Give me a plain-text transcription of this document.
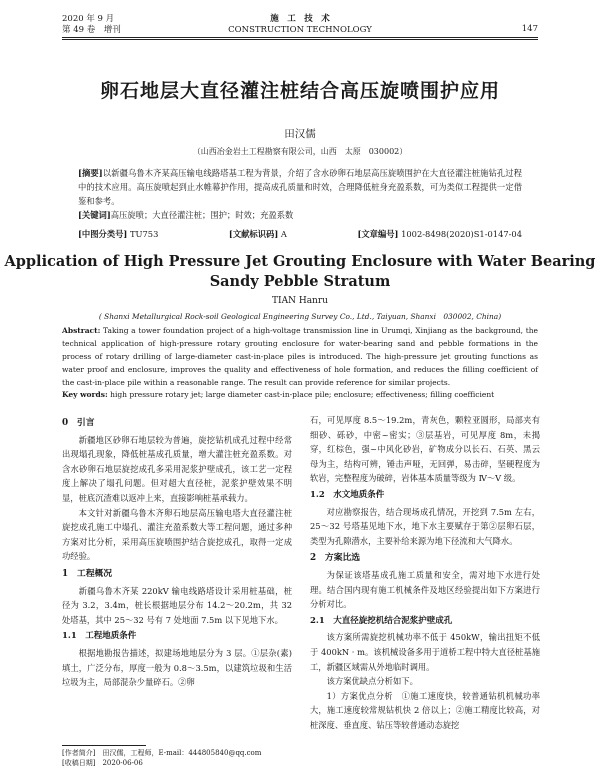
2020 年 9 月
第 49 卷　增刊
施　工　技　术
CONSTRUCTION TECHNOLOGY	147
卵石地层大直径灌注桩结合高压旋喷围护应用
田汉儒
（山西冶金岩土工程勘察有限公司，山西　太原　030002）
[摘要]以新疆乌鲁木齐某高压输电线路塔基工程为背景，介绍了含水砂卵石地层高压旋喷围护在大直径灌注桩施钻孔过程中的技术应用。高压旋喷起到止水帷幕护作用，提高成孔质量和时效，合理降低桩身充盈系数，可为类似工程提供一定借鉴和参考。
[关键词]高压旋喷；大直径灌注桩；围护；时效；充盈系数
[中图分类号] TU753	[文献标识码] A	[文章编号] 1002-8498(2020)S1-0147-04
Application of High Pressure Jet Grouting Enclosure with Water Bearing Sandy Pebble Stratum
TIAN Hanru
( Shanxi Metallurgical Rock-soil Geological Engineering Survey Co., Ltd., Taiyuan, Shanxi　030002, China)
Abstract: Taking a tower foundation project of a high-voltage transmission line in Urumqi, Xinjiang as the background, the technical application of high-pressure rotary grouting enclosure for water-bearing sand and pebble formations in the process of rotary drilling of large-diameter cast-in-place piles is introduced. The high-pressure jet grouting functions as water proof and enclosure, improves the quality and effectiveness of hole formation, and reduces the filling coefficient of the cast-in-place pile within a reasonable range. The result can provide reference for similar projects.
Key words: high pressure rotary jet; large diameter cast-in-place pile; enclosure; effectiveness; filling coefficient
0　引言

新疆地区砂卵石地层较为普遍，旋挖钻机成孔过程中经常出现塌孔现象，降低桩基成孔质量，增大灌注桩充盈系数。对含水砂卵石地层旋挖成孔多采用泥浆护壁成孔，该工艺一定程度上解决了塌孔问题。但对超大直径桩，泥浆护壁效果不明显，桩底沉渣难以返冲上来，直接影响桩基承载力。

本文针对新疆乌鲁木齐卵石地层高压输电塔大直径灌注桩旋挖成孔施工中塌孔、灌注充盈系数大等工程问题，通过多种方案对比分析，采用高压旋喷围护结合旋挖成孔，取得一定成功经验。

1　工程概况

新疆乌鲁木齐某 220kV 输电线路塔设计采用桩基础，桩径为 3.2，3.4m，桩长根据地层分布 14.2～20.2m，共 32 处塔基，其中 25～32 号有 7 处地面 7.5m 以下见地下水。

1.1　工程地质条件

根据地勘报告描述，拟建场地地层分为 3 层。①层杂(素)填土，广泛分布，厚度一般为 0.8～3.5m，以建筑垃圾和生活垃圾为主，局部混杂少量碎石。②卵

石，可见厚度 8.5～19.2m，青灰色，颗粒亚圆形，局部夹有细砂、砾砂，中密~密实；③层基岩，可见厚度 8m，未揭穿，红棕色，强~中风化砂岩，矿物成分以长石、石英、黑云母为主，结构可辨，锤击声哑，无回弹，易击碎，坚硬程度为软岩，完整程度为破碎，岩体基本质量等级为 Ⅳ～Ⅴ 级。

1.2　水文地质条件

对应勘察报告，结合现场成孔情况，开挖到 7.5m 左右，25～32 号塔基见地下水，地下水主要赋存于第②层卵石层，类型为孔隙潜水，主要补给来源为地下径流和大气降水。

2　方案比选

为保证该塔基成孔施工质量和安全，需对地下水进行处理。结合国内现有施工机械条件及地区经验提出如下方案进行分析对比。

2.1　大直径旋挖机结合泥浆护壁成孔

该方案所需旋挖机械功率不低于 450kW，输出扭矩不低于 400kN · m。该机械设备多用于道桥工程中特大直径桩基施工，新疆区域需从外地临时调用。

该方案优缺点分析如下。

1）方案优点分析　①施工速度快，较普通钻机机械功率大，施工速度较常规钻机快 2 倍以上；②施工精度比较高，对桩深度、垂直度、钻压等较普通动态旋挖

[作者简介]　田汉儒，工程师，E-mail：444805840@qq.com
[收稿日期]　2020-06-06
